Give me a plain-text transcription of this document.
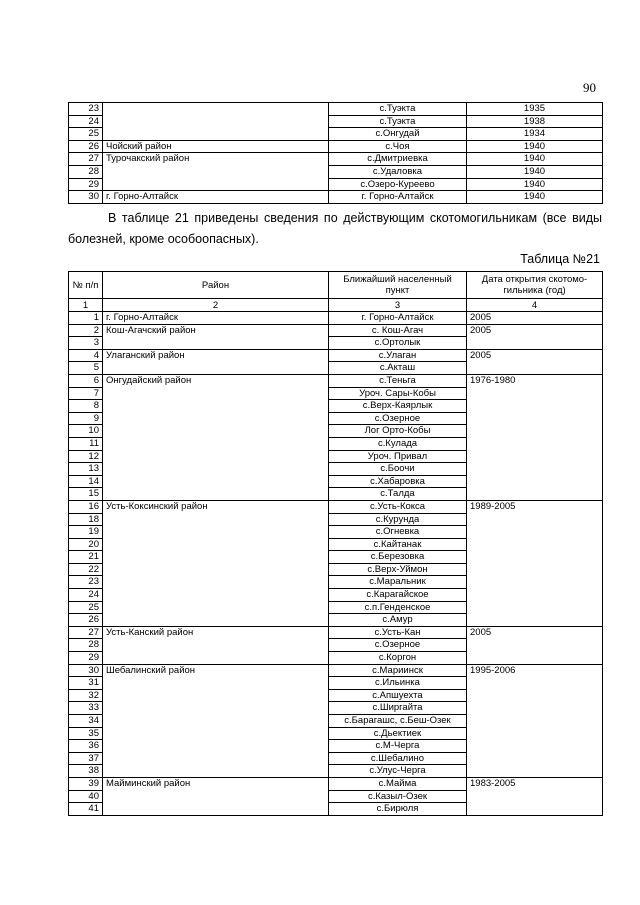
90
23		с.Туэкта	1935
24		с.Туэкта	1938
25		с.Онгудай	1934
26	Чойский район	с.Чоя	1940
27	Турочакский район	с.Дмитриевка	1940
28		с.Удаловка	1940
29		с.Озеро-Куреево	1940
30	г. Горно-Алтайск	г. Горно-Алтайск	1940
В таблице 21 приведены сведения по действующим скотомогильникам (все виды болезней, кроме особоопасных).
Таблица №21
№ п/п	Район	Ближайший населенный пункт	Дата открытия скотомо-гильника (год)
1	2	3	4
1	г. Горно-Алтайск	г. Горно-Алтайск	2005
2	Кош-Агачский район	с. Кош-Агач	2005
3		с.Ортолык	
4	Улаганский район	с.Улаган	2005
5		с.Акташ	
6	Онгудайский район	с.Теньга	1976-1980
7		Уроч. Сары-Кобы	
8		с.Верх-Каярлык	
9		с.Озерное	
10		Лог Орто-Кобы	
11		с.Кулада	
12		Уроч. Привал	
13		с.Боочи	
14		с.Хабаровка	
15		с.Талда	
16	Усть-Коксинский район	с.Усть-Кокса	1989-2005
18		с.Курунда	
19		с.Огневка	
20		с.Кайтанак	
21		с.Березовка	
22		с.Верх-Уймон	
23		с.Маральник	
24		с.Карагайское	
25		с.п.Генденское	
26		с.Амур	
27	Усть-Канский район	с.Усть-Кан	2005
28		с.Озерное	
29		с.Коргон	
30	Шебалинский район	с.Мариинск	1995-2006
31		с.Ильинка	
32		с.Апшуехта	
33		с.Ширгайта	
34		с.Барагашс, с.Беш-Озек	
35		с.Дьектиек	
36		с.М-Черга	
37		с.Шебалино	
38		с.Улус-Черга	
39	Майминский район	с.Майма	1983-2005
40		с.Казыл-Озек	
41		с.Бирюля	
